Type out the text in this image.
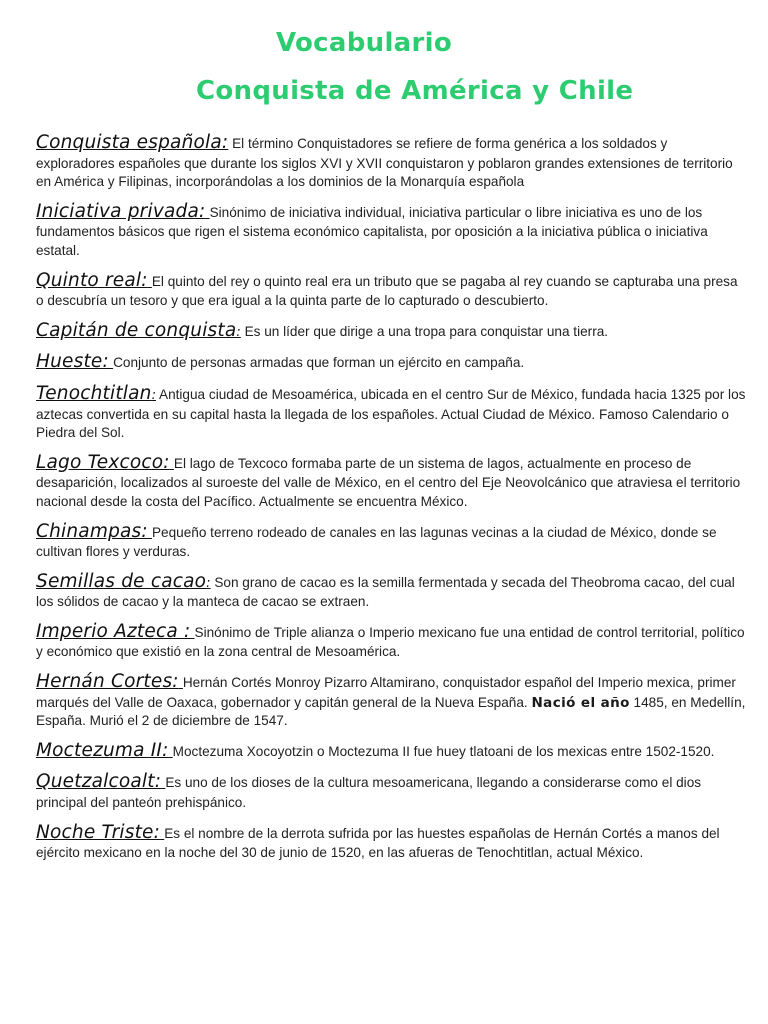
Vocabulario
Conquista de América y Chile

Conquista española: El término Conquistadores se refiere de forma genérica a los soldados y exploradores españoles que durante los siglos XVI y XVII conquistaron y poblaron grandes extensiones de territorio en América y Filipinas, incorporándolas a los dominios de la Monarquía española

Iniciativa privada: Sinónimo de iniciativa individual, iniciativa particular o libre iniciativa es uno de los fundamentos básicos que rigen el sistema económico capitalista, por oposición a la iniciativa pública o iniciativa estatal.

Quinto real: El quinto del rey o quinto real era un tributo que se pagaba al rey cuando se capturaba una presa o descubría un tesoro y que era igual a la quinta parte de lo capturado o descubierto.

Capitán de conquista: Es un líder que dirige a una tropa para conquistar una tierra.

Hueste: Conjunto de personas armadas que forman un ejército en campaña.

Tenochtitlan: Antigua ciudad de Mesoamérica, ubicada en el centro Sur de México, fundada hacia 1325 por los aztecas convertida en su capital hasta la llegada de los españoles. Actual Ciudad de México. Famoso Calendario o Piedra del Sol.

Lago Texcoco: El lago de Texcoco formaba parte de un sistema de lagos, actualmente en proceso de desaparición, localizados al suroeste del valle de México, en el centro del Eje Neovolcánico que atraviesa el territorio nacional desde la costa del Pacífico. Actualmente se encuentra México.

Chinampas: Pequeño terreno rodeado de canales en las lagunas vecinas a la ciudad de México, donde se cultivan flores y verduras.

Semillas de cacao: Son grano de cacao es la semilla fermentada y secada del Theobroma cacao, del cual los sólidos de cacao y la manteca de cacao se extraen.

Imperio Azteca : Sinónimo de Triple alianza o Imperio mexicano fue una entidad de control territorial, político y económico que existió en la zona central de Mesoamérica.

Hernán Cortes: Hernán Cortés Monroy Pizarro Altamirano, conquistador español del Imperio mexica, primer marqués del Valle de Oaxaca, gobernador y capitán general de la Nueva España. Nació el año 1485, en Medellín, España. Murió el 2 de diciembre de 1547.

Moctezuma II: Moctezuma Xocoyotzin o Moctezuma II fue huey tlatoani de los mexicas entre 1502-1520.

Quetzalcoalt: Es uno de los dioses de la cultura mesoamericana, llegando a considerarse como el dios principal del panteón prehispánico.

Noche Triste: Es el nombre de la derrota sufrida por las huestes españolas de Hernán Cortés a manos del ejército mexicano en la noche del 30 de junio de 1520, en las afueras de Tenochtitlan, actual México.
